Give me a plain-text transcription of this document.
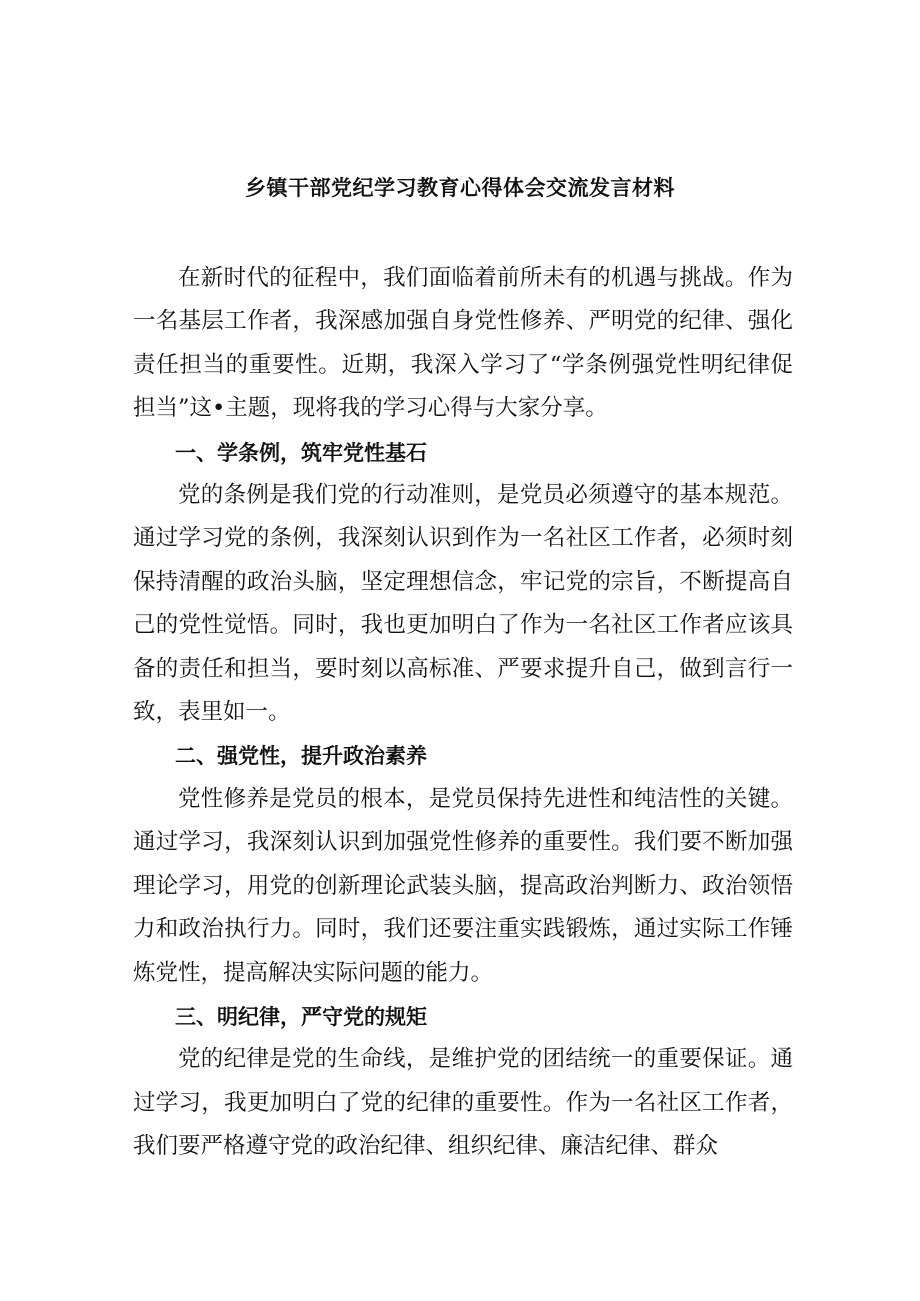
乡镇干部党纪学习教育心得体会交流发言材料

在新时代的征程中，我们面临着前所未有的机遇与挑战。作为一名基层工作者，我深感加强自身党性修养、严明党的纪律、强化责任担当的重要性。近期，我深入学习了“学条例强党性明纪律促担当”这•主题，现将我的学习心得与大家分享。

一、学条例，筑牢党性基石

党的条例是我们党的行动准则，是党员必须遵守的基本规范。通过学习党的条例，我深刻认识到作为一名社区工作者，必须时刻保持清醒的政治头脑，坚定理想信念，牢记党的宗旨，不断提高自己的党性觉悟。同时，我也更加明白了作为一名社区工作者应该具备的责任和担当，要时刻以高标准、严要求提升自己，做到言行一致，表里如一。

二、强党性，提升政治素养

党性修养是党员的根本，是党员保持先进性和纯洁性的关键。通过学习，我深刻认识到加强党性修养的重要性。我们要不断加强理论学习，用党的创新理论武装头脑，提高政治判断力、政治领悟力和政治执行力。同时，我们还要注重实践锻炼，通过实际工作锤炼党性，提高解决实际问题的能力。

三、明纪律，严守党的规矩

党的纪律是党的生命线，是维护党的团结统一的重要保证。通过学习，我更加明白了党的纪律的重要性。作为一名社区工作者，我们要严格遵守党的政治纪律、组织纪律、廉洁纪律、群众
